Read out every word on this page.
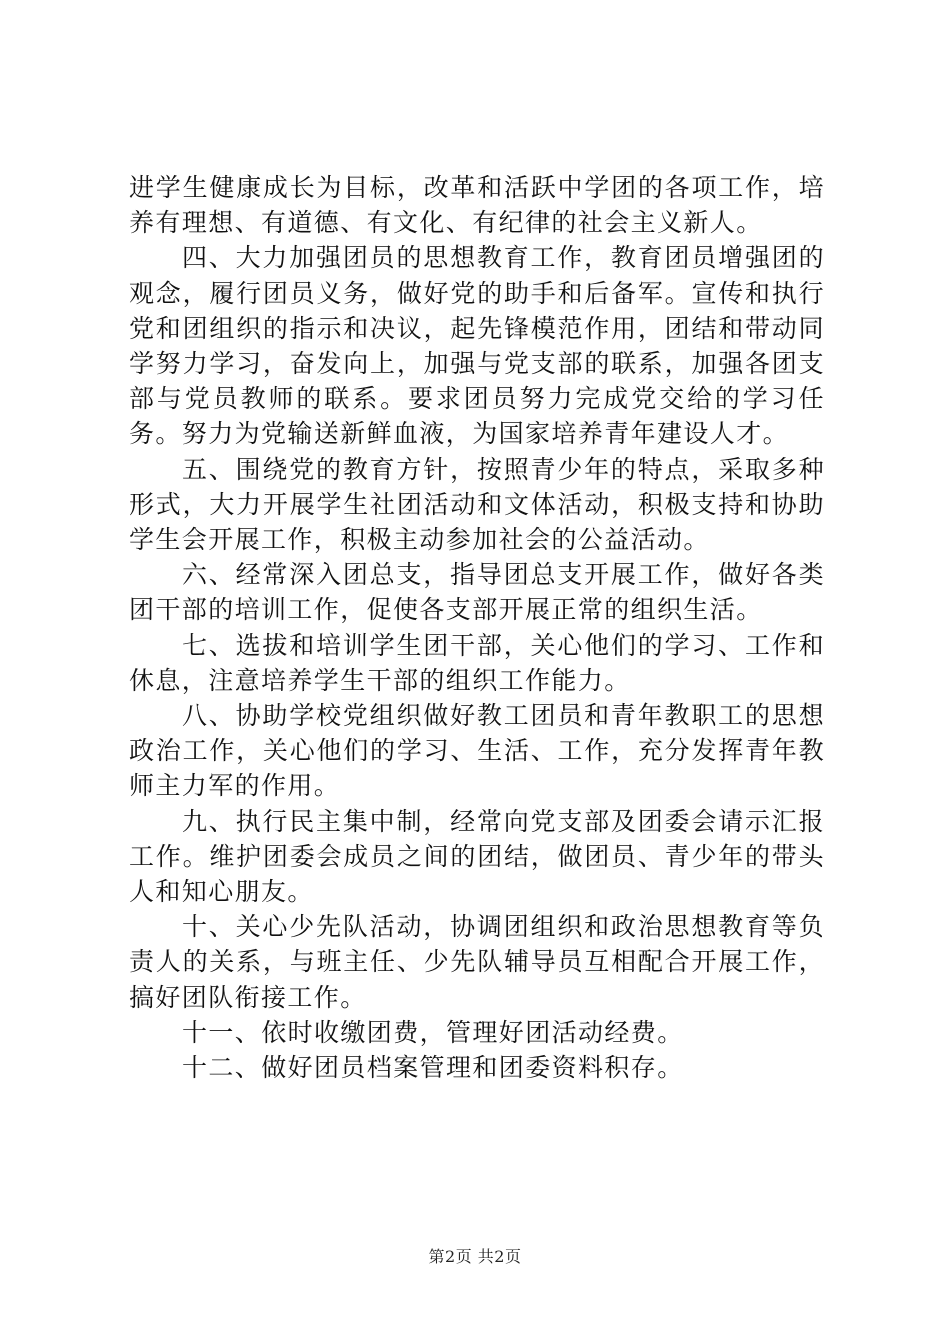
进学生健康成长为目标，改革和活跃中学团的各项工作，培养有理想、有道德、有文化、有纪律的社会主义新人。

四、大力加强团员的思想教育工作，教育团员增强团的观念，履行团员义务，做好党的助手和后备军。宣传和执行党和团组织的指示和决议，起先锋模范作用，团结和带动同学努力学习，奋发向上，加强与党支部的联系，加强各团支部与党员教师的联系。要求团员努力完成党交给的学习任务。努力为党输送新鲜血液，为国家培养青年建设人才。

五、围绕党的教育方针，按照青少年的特点，采取多种形式，大力开展学生社团活动和文体活动，积极支持和协助学生会开展工作，积极主动参加社会的公益活动。

六、经常深入团总支，指导团总支开展工作，做好各类团干部的培训工作，促使各支部开展正常的组织生活。

七、选拔和培训学生团干部，关心他们的学习、工作和休息，注意培养学生干部的组织工作能力。

八、协助学校党组织做好教工团员和青年教职工的思想政治工作，关心他们的学习、生活、工作，充分发挥青年教师主力军的作用。

九、执行民主集中制，经常向党支部及团委会请示汇报工作。维护团委会成员之间的团结，做团员、青少年的带头人和知心朋友。

十、关心少先队活动，协调团组织和政治思想教育等负责人的关系，与班主任、少先队辅导员互相配合开展工作，搞好团队衔接工作。

十一、依时收缴团费，管理好团活动经费。

十二、做好团员档案管理和团委资料积存。

第2页 共2页
